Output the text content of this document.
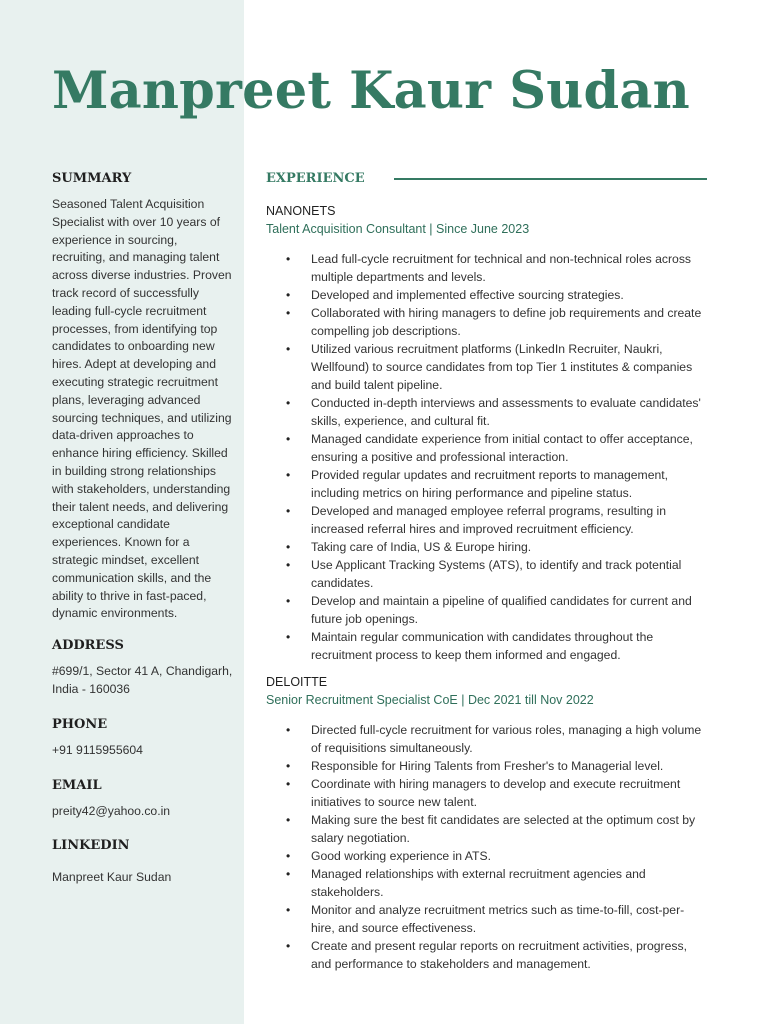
Manpreet Kaur Sudan
SUMMARY

Seasoned Talent Acquisition Specialist with over 10 years of experience in sourcing, recruiting, and managing talent across diverse industries. Proven track record of successfully leading full-cycle recruitment processes, from identifying top candidates to onboarding new hires. Adept at developing and executing strategic recruitment plans, leveraging advanced sourcing techniques, and utilizing data-driven approaches to enhance hiring efficiency. Skilled in building strong relationships with stakeholders, understanding their talent needs, and delivering exceptional candidate experiences. Known for a strategic mindset, excellent communication skills, and the ability to thrive in fast-paced, dynamic environments.

ADDRESS

#699/1, Sector 41 A, Chandigarh, India - 160036

PHONE

+91 9115955604

EMAIL

preity42@yahoo.co.in

LINKEDIN

Manpreet Kaur Sudan

EXPERIENCE
NANONETS
Talent Acquisition Consultant | Since June 2023
• Lead full-cycle recruitment for technical and non-technical roles across multiple departments and levels.
• Developed and implemented effective sourcing strategies.
• Collaborated with hiring managers to define job requirements and create compelling job descriptions.
• Utilized various recruitment platforms (LinkedIn Recruiter, Naukri, Wellfound) to source candidates from top Tier 1 institutes & companies and build talent pipeline.
• Conducted in-depth interviews and assessments to evaluate candidates' skills, experience, and cultural fit.
• Managed candidate experience from initial contact to offer acceptance, ensuring a positive and professional interaction.
• Provided regular updates and recruitment reports to management, including metrics on hiring performance and pipeline status.
• Developed and managed employee referral programs, resulting in increased referral hires and improved recruitment efficiency.
• Taking care of India, US & Europe hiring.
• Use Applicant Tracking Systems (ATS), to identify and track potential candidates.
• Develop and maintain a pipeline of qualified candidates for current and future job openings.
• Maintain regular communication with candidates throughout the recruitment process to keep them informed and engaged.
DELOITTE
Senior Recruitment Specialist CoE | Dec 2021 till Nov 2022
• Directed full-cycle recruitment for various roles, managing a high volume of requisitions simultaneously.
• Responsible for Hiring Talents from Fresher's to Managerial level.
• Coordinate with hiring managers to develop and execute recruitment initiatives to source new talent.
• Making sure the best fit candidates are selected at the optimum cost by salary negotiation.
• Good working experience in ATS.
• Managed relationships with external recruitment agencies and stakeholders.
• Monitor and analyze recruitment metrics such as time-to-fill, cost-per-hire, and source effectiveness.
• Create and present regular reports on recruitment activities, progress, and performance to stakeholders and management.
